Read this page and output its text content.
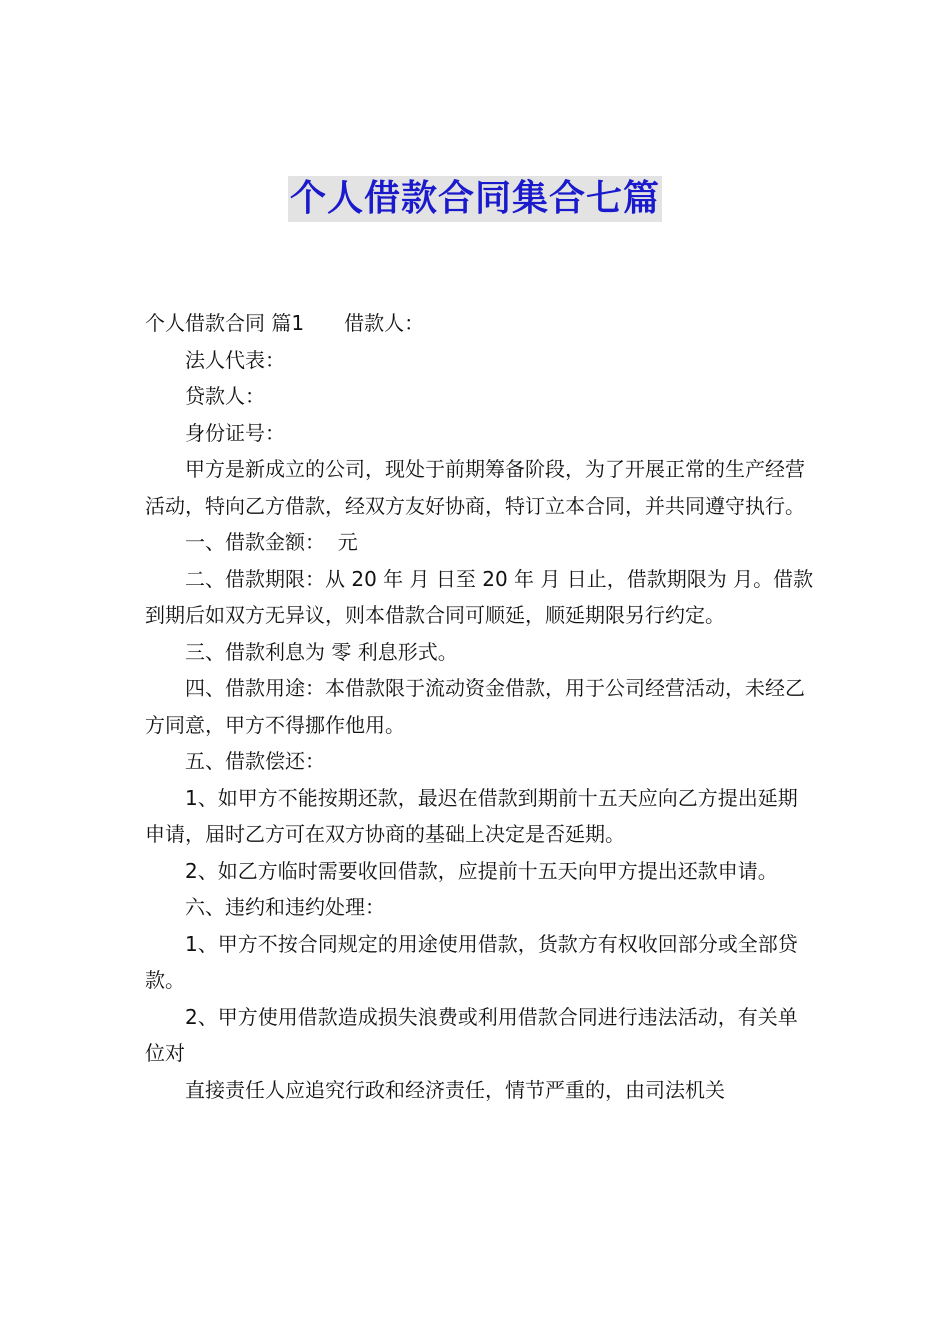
个人借款合同集合七篇

个人借款合同 篇1　　借款人：

法人代表：

贷款人：

身份证号：

甲方是新成立的公司，现处于前期筹备阶段，为了开展正常的生产经营活动，特向乙方借款，经双方友好协商，特订立本合同，并共同遵守执行。

一、借款金额：  元

二、借款期限：从 20 年 月 日至 20 年 月 日止，借款期限为 月。借款到期后如双方无异议，则本借款合同可顺延，顺延期限另行约定。

三、借款利息为 零 利息形式。

四、借款用途：本借款限于流动资金借款，用于公司经营活动，未经乙方同意，甲方不得挪作他用。

五、借款偿还：

1、如甲方不能按期还款，最迟在借款到期前十五天应向乙方提出延期申请，届时乙方可在双方协商的基础上决定是否延期。

2、如乙方临时需要收回借款，应提前十五天向甲方提出还款申请。

六、违约和违约处理：

1、甲方不按合同规定的用途使用借款，货款方有权收回部分或全部贷款。

2、甲方使用借款造成损失浪费或利用借款合同进行违法活动，有关单位对

直接责任人应追究行政和经济责任，情节严重的，由司法机关
